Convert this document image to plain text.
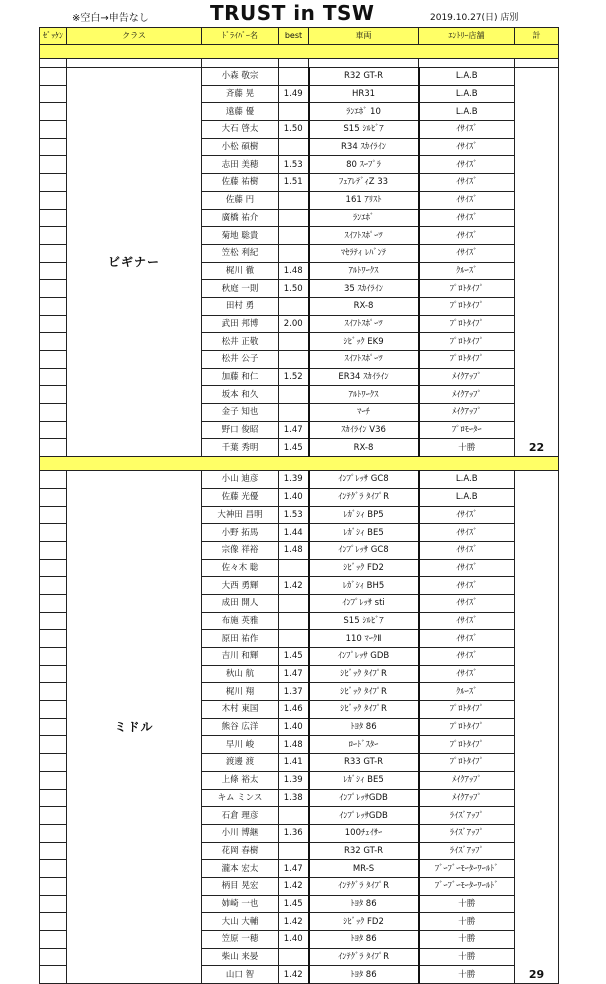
※空白→申告なし	TRUST in TSW	2019.10.27(日) 店別
ｾﾞｯｹﾝ	クラス	ﾄﾞﾗｲﾊﾞｰ名	best	車両	ｴﾝﾄﾘｰ店舗	計

	ビギナー	小森 敬宗		R32 GT-R	L.A.B	22
		斉藤 晃	1.49	HR31	L.A.B	
		遠藤 優		ﾗﾝｴﾎﾞ 10	L.A.B	
		大石 啓太	1.50	S15 ｼﾙﾋﾞｱ	ｲｻｲｽﾞ	
		小松 碩樹		R34 ｽｶｲﾗｲﾝ	ｲｻｲｽﾞ	
		志田 美穂	1.53	80 ｽｰﾌﾟﾗ	ｲｻｲｽﾞ	
		佐藤 祐樹	1.51	ﾌｪｱﾚﾃﾞｨZ 33	ｲｻｲｽﾞ	
		佐藤 円		161 ｱﾘｽﾄ	ｲｻｲｽﾞ	
		廣橋 祐介		ﾗﾝｴﾎﾞ	ｲｻｲｽﾞ	
		菊地 聡貴		ｽｲﾌﾄｽﾎﾟｰﾂ	ｲｻｲｽﾞ	
		笠松 利紀		ﾏｾﾗﾃｨ ﾚﾊﾞﾝﾃ	ｲｻｲｽﾞ	
		梶川 徹	1.48	ｱﾙﾄﾜｰｸｽ	ｸﾙｰｽﾞ	
		秋庭 一則	1.50	35 ｽｶｲﾗｲﾝ	ﾌﾟﾛﾄﾀｲﾌﾟ	
		田村 勇		RX-8	ﾌﾟﾛﾄﾀｲﾌﾟ	
		武田 邦博	2.00	ｽｲﾌﾄｽﾎﾟｰﾂ	ﾌﾟﾛﾄﾀｲﾌﾟ	
		松井 正敬		ｼﾋﾞｯｸ EK9	ﾌﾟﾛﾄﾀｲﾌﾟ	
		松井 公子		ｽｲﾌﾄｽﾎﾟｰﾂ	ﾌﾟﾛﾄﾀｲﾌﾟ	
		加藤 和仁	1.52	ER34 ｽｶｲﾗｲﾝ	ﾒｲｸｱｯﾌﾟ	
		坂本 和久		ｱﾙﾄﾜｰｸｽ	ﾒｲｸｱｯﾌﾟ	
		金子 知也		ﾏｰﾁ	ﾒｲｸｱｯﾌﾟ	
		野口 俊昭	1.47	ｽｶｲﾗｲﾝ V36	ﾌﾟﾛﾓｰﾀｰ	
		千葉 秀明	1.45	RX-8	十勝	

	ミドル	小山 迪彦	1.39	ｲﾝﾌﾟﾚｯｻ GC8	L.A.B	29
		佐藤 光優	1.40	ｲﾝﾃｸﾞﾗ ﾀｲﾌﾟR	L.A.B	
		大神田 昌明	1.53	ﾚｶﾞｼｨ BP5	ｲｻｲｽﾞ	
		小野 拓馬	1.44	ﾚｶﾞｼｨ BE5	ｲｻｲｽﾞ	
		宗像 祥裕	1.48	ｲﾝﾌﾟﾚｯｻ GC8	ｲｻｲｽﾞ	
		佐々木 聡		ｼﾋﾞｯｸ FD2	ｲｻｲｽﾞ	
		大西 勇輝	1.42	ﾚｶﾞｼｨ BH5	ｲｻｲｽﾞ	
		成田 開人		ｲﾝﾌﾟﾚｯｻ sti	ｲｻｲｽﾞ	
		布施 英雅		S15 ｼﾙﾋﾞｱ	ｲｻｲｽﾞ	
		原田 祐作		110 ﾏｰｸⅡ	ｲｻｲｽﾞ	
		吉川 和輝	1.45	ｲﾝﾌﾟﾚｯｻ GDB	ｲｻｲｽﾞ	
		秋山 航	1.47	ｼﾋﾞｯｸ ﾀｲﾌﾟR	ｲｻｲｽﾞ	
		梶川 翔	1.37	ｼﾋﾞｯｸ ﾀｲﾌﾟR	ｸﾙｰｽﾞ	
		木村 東国	1.46	ｼﾋﾞｯｸ ﾀｲﾌﾟR	ﾌﾟﾛﾄﾀｲﾌﾟ	
		熊谷 広洋	1.40	ﾄﾖﾀ 86	ﾌﾟﾛﾄﾀｲﾌﾟ	
		早川 峻	1.48	ﾛｰﾄﾞｽﾀｰ	ﾌﾟﾛﾄﾀｲﾌﾟ	
		渡邊 渡	1.41	R33 GT-R	ﾌﾟﾛﾄﾀｲﾌﾟ	
		上條 裕太	1.39	ﾚｶﾞｼｨ BE5	ﾒｲｸｱｯﾌﾟ	
		キム ミンス	1.38	ｲﾝﾌﾟﾚｯｻGDB	ﾒｲｸｱｯﾌﾟ	
		石倉 理彦		ｲﾝﾌﾟﾚｯｻGDB	ﾗｲｽﾞｱｯﾌﾟ	
		小川 博継	1.36	100ﾁｪｲｻｰ	ﾗｲｽﾞｱｯﾌﾟ	
		花岡 春樹		R32 GT-R	ﾗｲｽﾞｱｯﾌﾟ	
		瀧本 宏太	1.47	MR-S	ﾌﾞｰﾌﾞｰﾓｰﾀｰﾜｰﾙﾄﾞ	
		柄目 晃宏	1.42	ｲﾝﾃｸﾞﾗ ﾀｲﾌﾟR	ﾌﾞｰﾌﾞｰﾓｰﾀｰﾜｰﾙﾄﾞ	
		姉崎 一也	1.45	ﾄﾖﾀ 86	十勝	
		大山 大輔	1.42	ｼﾋﾞｯｸ FD2	十勝	
		笠原 一穂	1.40	ﾄﾖﾀ 86	十勝	
		柴山 来晏		ｲﾝﾃｸﾞﾗ ﾀｲﾌﾟR	十勝	
		山口 智	1.42	ﾄﾖﾀ 86	十勝	
